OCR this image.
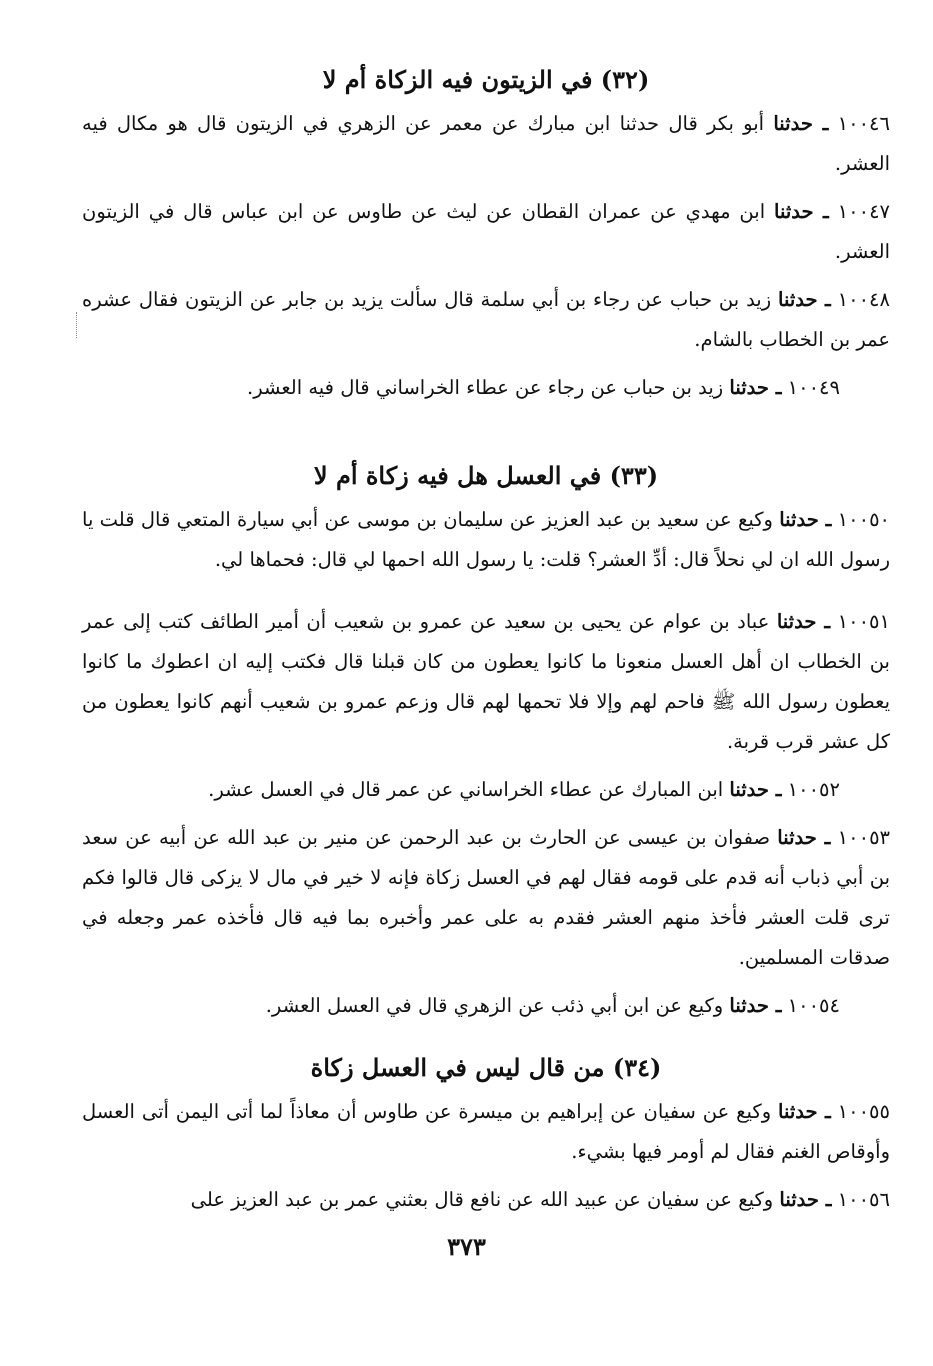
(٣٢) في الزيتون فيه الزكاة أم لا

١٠٠٤٦ ـ حدثنا أبو بكر قال حدثنا ابن مبارك عن معمر عن الزهري في الزيتون قال هو مكال فيه العشر.

١٠٠٤٧ ـ حدثنا ابن مهدي عن عمران القطان عن ليث عن طاوس عن ابن عباس قال في الزيتون العشر.

١٠٠٤٨ ـ حدثنا زيد بن حباب عن رجاء بن أبي سلمة قال سألت يزيد بن جابر عن الزيتون فقال عشره عمر بن الخطاب بالشام.

١٠٠٤٩ ـ حدثنا زيد بن حباب عن رجاء عن عطاء الخراساني قال فيه العشر.

(٣٣) في العسل هل فيه زكاة أم لا

١٠٠٥٠ ـ حدثنا وكيع عن سعيد بن عبد العزيز عن سليمان بن موسى عن أبي سيارة المتعي قال قلت يا رسول الله ان لي نحلاً قال: أدِّ العشر؟ قلت: يا رسول الله احمها لي قال: فحماها لي.

١٠٠٥١ ـ حدثنا عباد بن عوام عن يحيى بن سعيد عن عمرو بن شعيب أن أمير الطائف كتب إلى عمر بن الخطاب ان أهل العسل منعونا ما كانوا يعطون من كان قبلنا قال فكتب إليه ان اعطوك ما كانوا يعطون رسول الله ﷺ فاحم لهم وإلا فلا تحمها لهم قال وزعم عمرو بن شعيب أنهم كانوا يعطون من كل عشر قرب قربة.

١٠٠٥٢ ـ حدثنا ابن المبارك عن عطاء الخراساني عن عمر قال في العسل عشر.

١٠٠٥٣ ـ حدثنا صفوان بن عيسى عن الحارث بن عبد الرحمن عن منير بن عبد الله عن أبيه عن سعد بن أبي ذباب أنه قدم على قومه فقال لهم في العسل زكاة فإنه لا خير في مال لا يزكى قال قالوا فكم ترى قلت العشر فأخذ منهم العشر فقدم به على عمر وأخبره بما فيه قال فأخذه عمر وجعله في صدقات المسلمين.

١٠٠٥٤ ـ حدثنا وكيع عن ابن أبي ذئب عن الزهري قال في العسل العشر.

(٣٤) من قال ليس في العسل زكاة

١٠٠٥٥ ـ حدثنا وكيع عن سفيان عن إبراهيم بن ميسرة عن طاوس أن معاذاً لما أتى اليمن أتى العسل وأوقاص الغنم فقال لم أومر فيها بشيء.

١٠٠٥٦ ـ حدثنا وكيع عن سفيان عن عبيد الله عن نافع قال بعثني عمر بن عبد العزيز على

٣٧٣
